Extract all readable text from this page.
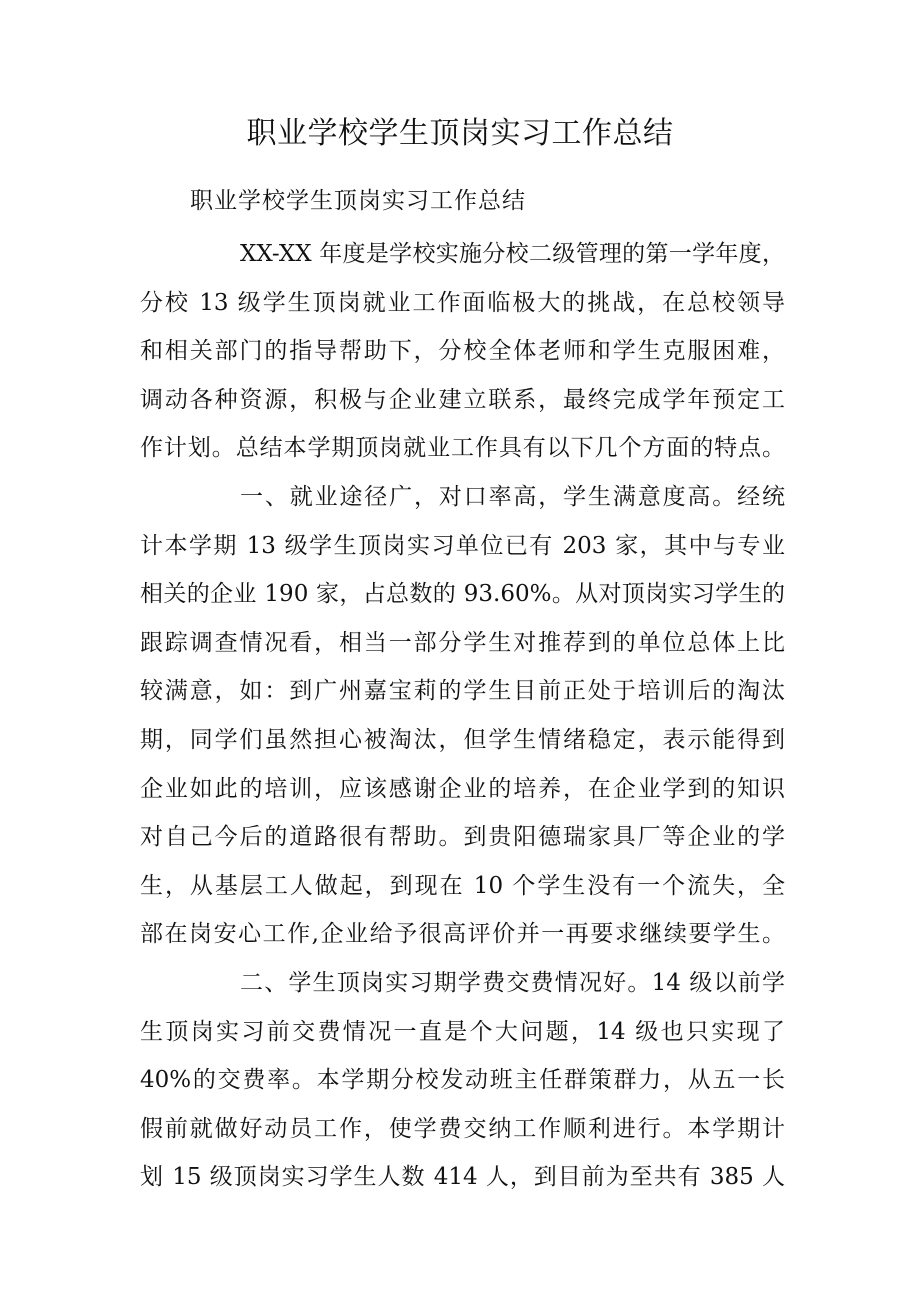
职业学校学生顶岗实习工作总结

职业学校学生顶岗实习工作总结

XX-XX 年度是学校实施分校二级管理的第一学年度，
分校 13 级学生顶岗就业工作面临极大的挑战，在总校领导
和相关部门的指导帮助下，分校全体老师和学生克服困难，
调动各种资源，积极与企业建立联系，最终完成学年预定工
作计划。总结本学期顶岗就业工作具有以下几个方面的特点。
一、就业途径广，对口率高，学生满意度高。经统
计本学期 13 级学生顶岗实习单位已有 203 家，其中与专业
相关的企业 190 家，占总数的 93.60%。从对顶岗实习学生的
跟踪调查情况看，相当一部分学生对推荐到的单位总体上比
较满意，如：到广州嘉宝莉的学生目前正处于培训后的淘汰
期，同学们虽然担心被淘汰，但学生情绪稳定，表示能得到
企业如此的培训，应该感谢企业的培养，在企业学到的知识
对自己今后的道路很有帮助。到贵阳德瑞家具厂等企业的学
生，从基层工人做起，到现在 10 个学生没有一个流失，全
部在岗安心工作,企业给予很高评价并一再要求继续要学生。
二、学生顶岗实习期学费交费情况好。14 级以前学
生顶岗实习前交费情况一直是个大问题，14 级也只实现了
40%的交费率。本学期分校发动班主任群策群力，从五一长
假前就做好动员工作，使学费交纳工作顺利进行。本学期计
划 15 级顶岗实习学生人数 414 人，到目前为至共有 385 人
